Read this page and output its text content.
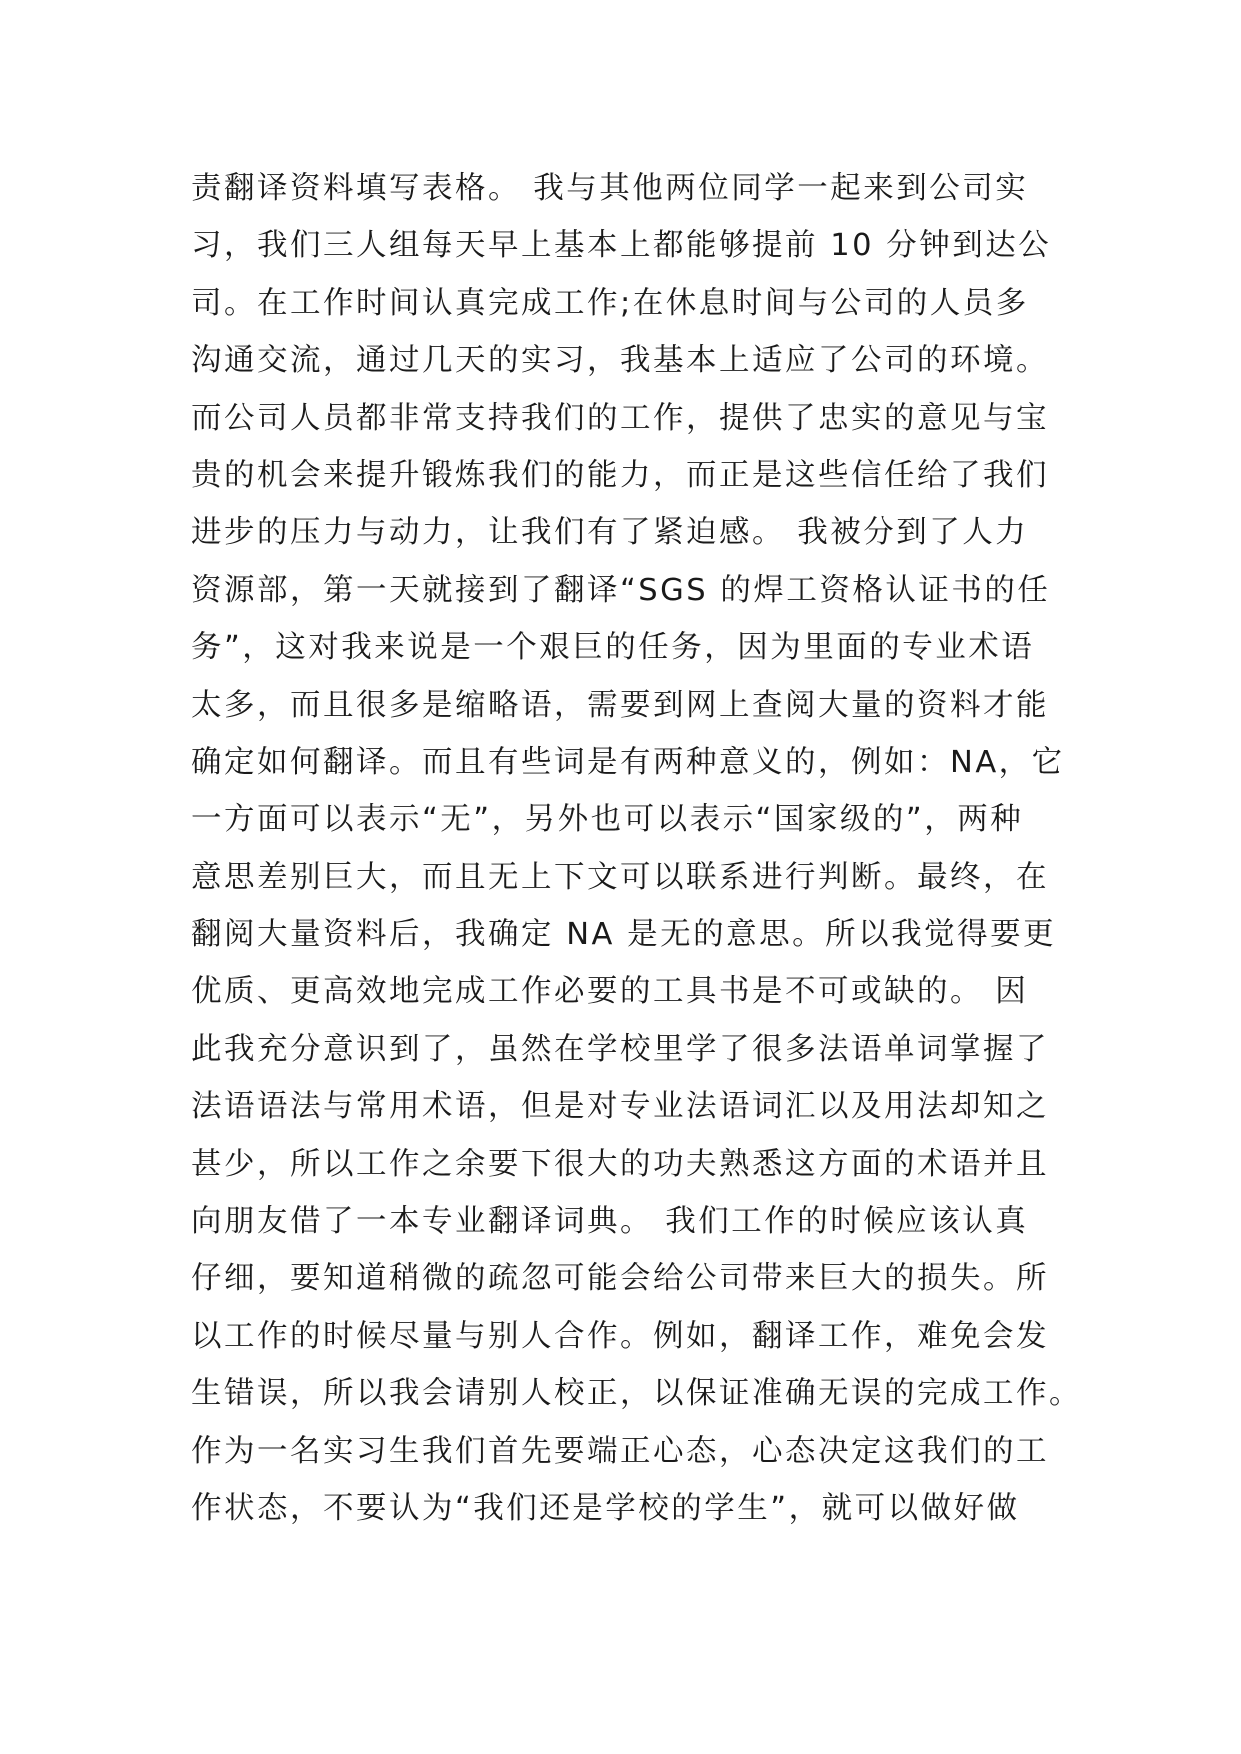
责翻译资料填写表格。 我与其他两位同学一起来到公司实
习，我们三人组每天早上基本上都能够提前 10 分钟到达公
司。在工作时间认真完成工作;在休息时间与公司的人员多
沟通交流，通过几天的实习，我基本上适应了公司的环境。
而公司人员都非常支持我们的工作，提供了忠实的意见与宝
贵的机会来提升锻炼我们的能力，而正是这些信任给了我们
进步的压力与动力，让我们有了紧迫感。 我被分到了人力
资源部，第一天就接到了翻译“SGS 的焊工资格认证书的任
务”，这对我来说是一个艰巨的任务，因为里面的专业术语
太多，而且很多是缩略语，需要到网上查阅大量的资料才能
确定如何翻译。而且有些词是有两种意义的，例如：NA，它
一方面可以表示“无”，另外也可以表示“国家级的”，两种
意思差别巨大，而且无上下文可以联系进行判断。最终，在
翻阅大量资料后，我确定 NA 是无的意思。所以我觉得要更
优质、更高效地完成工作必要的工具书是不可或缺的。 因
此我充分意识到了，虽然在学校里学了很多法语单词掌握了
法语语法与常用术语，但是对专业法语词汇以及用法却知之
甚少，所以工作之余要下很大的功夫熟悉这方面的术语并且
向朋友借了一本专业翻译词典。 我们工作的时候应该认真
仔细，要知道稍微的疏忽可能会给公司带来巨大的损失。所
以工作的时候尽量与别人合作。例如，翻译工作，难免会发
生错误，所以我会请别人校正，以保证准确无误的完成工作。
作为一名实习生我们首先要端正心态，心态决定这我们的工
作状态，不要认为“我们还是学校的学生”，就可以做好做
